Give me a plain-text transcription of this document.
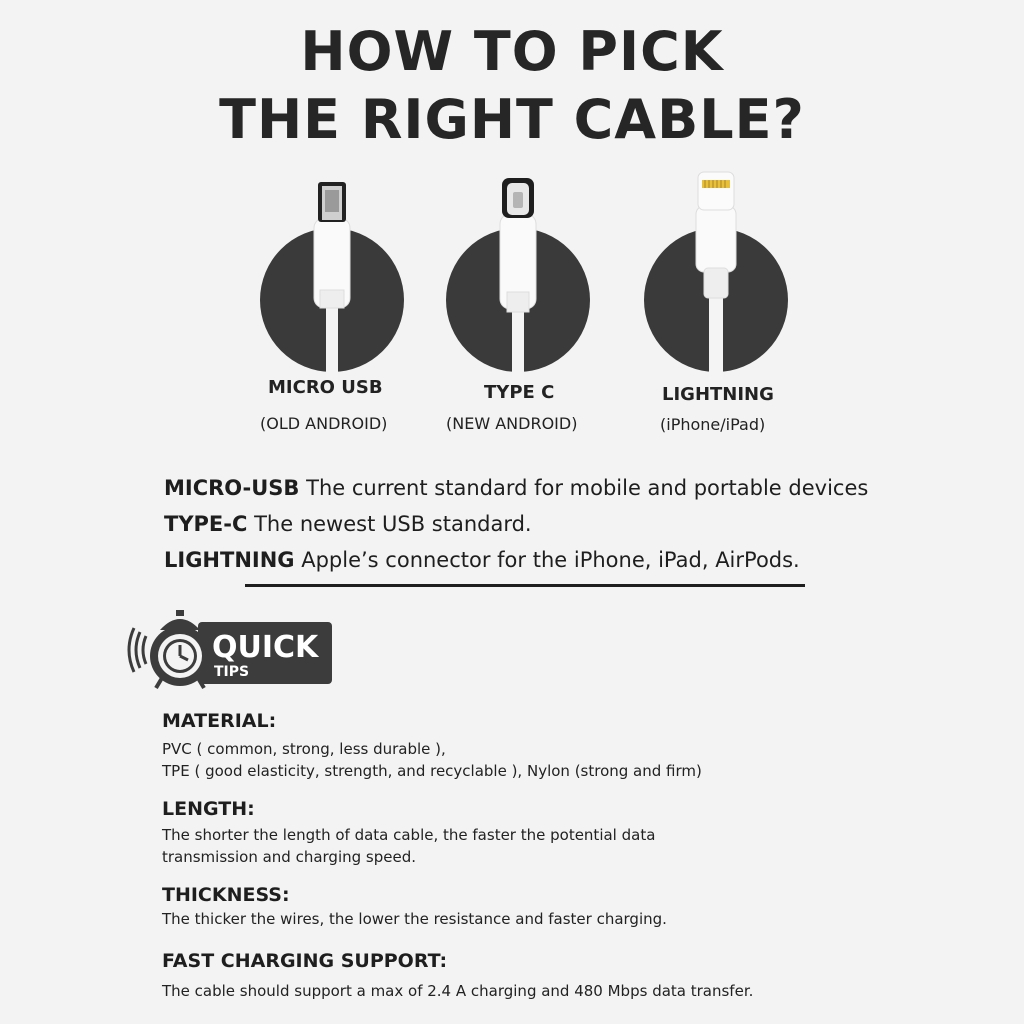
HOW TO PICK
THE RIGHT CABLE?
MICRO USB
(OLD ANDROID)
TYPE C
(NEW ANDROID)
LIGHTNING
(iPhone/iPad)
MICRO-USB The current standard for mobile and portable devices
TYPE-C The newest USB standard.
LIGHTNING Apple’s connector for the iPhone, iPad, AirPods.
QUICK
TIPS
MATERIAL:

PVC ( common, strong, less durable ),

TPE ( good elasticity, strength, and recyclable ), Nylon (strong and firm)

LENGTH:

The shorter the length of data cable, the faster the potential data

transmission and charging speed.

THICKNESS:

The thicker the wires, the lower the resistance and faster charging.

FAST CHARGING SUPPORT:

The cable should support a max of 2.4 A charging and 480 Mbps data transfer.
